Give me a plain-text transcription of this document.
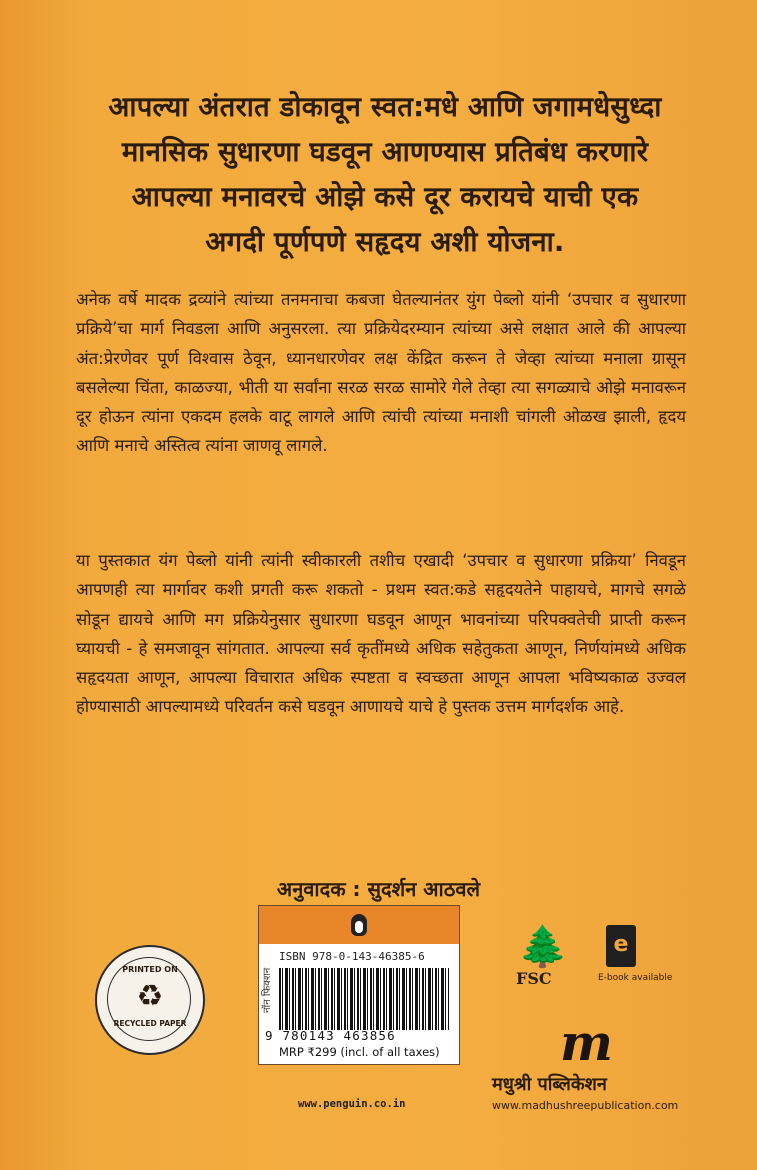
आपल्या अंतरात डोकावून स्वत:मधे आणि जगामधेसुध्दा
मानसिक सुधारणा घडवून आणण्यास प्रतिबंध करणारे
आपल्या मनावरचे ओझे कसे दूर करायचे याची एक
अगदी पूर्णपणे सहृदय अशी योजना.
अनेक वर्षे मादक द्रव्यांने त्यांच्या तनमनाचा कबजा घेतल्यानंतर युंग पेब्लो यांनी ‘उपचार व सुधारणा प्रक्रिये’चा मार्ग निवडला आणि अनुसरला. त्या प्रक्रियेदरम्यान त्यांच्या असे लक्षात आले की आपल्या अंत:प्रेरणेवर पूर्ण विश्वास ठेवून, ध्यानधारणेवर लक्ष केंद्रित करून ते जेव्हा त्यांच्या मनाला ग्रासून बसलेल्या चिंता, काळज्या, भीती या सर्वांना सरळ सरळ सामोरे गेले तेव्हा त्या सगळ्याचे ओझे मनावरून दूर होऊन त्यांना एकदम हलके वाटू लागले आणि त्यांची त्यांच्या मनाशी चांगली ओळख झाली, हृदय आणि मनाचे अस्तित्व त्यांना जाणवू लागले.
या पुस्तकात यंग पेब्लो यांनी त्यांनी स्वीकारली तशीच एखादी ‘उपचार व सुधारणा प्रक्रिया’ निवडून आपणही त्या मार्गावर कशी प्रगती करू शकतो - प्रथम स्वत:कडे सहृदयतेने पाहायचे, मागचे सगळे सोडून द्यायचे आणि मग प्रक्रियेनुसार सुधारणा घडवून आणून भावनांच्या परिपक्वतेची प्राप्ती करून घ्यायची - हे समजावून सांगतात. आपल्या सर्व कृतींमध्ये अधिक सहेतुकता आणून, निर्णयांमध्ये अधिक सहृदयता आणून, आपल्या विचारात अधिक स्पष्टता व स्वच्छता आणून आपला भविष्यकाळ उज्वल होण्यासाठी आपल्यामध्ये परिवर्तन कसे घडवून आणायचे याचे हे पुस्तक उत्तम मार्गदर्शक आहे.
अनुवादक : सुदर्शन आठवले
PRINTED ON
♻
RECYCLED PAPER
नॉन फिक्शन
ISBN 978-0-143-46385-6
9 780143 463856
MRP ₹299 (incl. of all taxes)
www.penguin.co.in
🌲
FSC
e
E-book available
m
मधुश्री पब्लिकेशन
www.madhushreepublication.com
